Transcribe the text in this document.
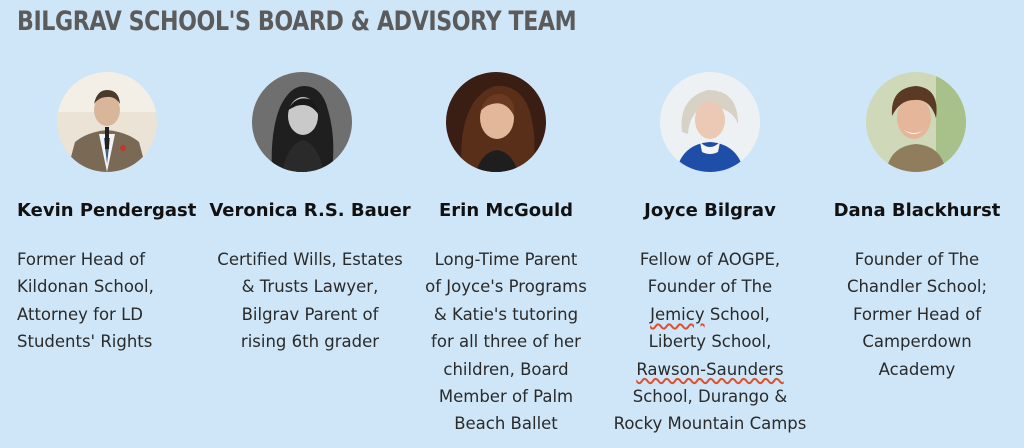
BILGRAV SCHOOL'S BOARD & ADVISORY TEAM
Kevin Pendergast
Former Head of
Kildonan School,
Attorney for LD
Students' Rights
Veronica R.S. Bauer
Certified Wills, Estates
& Trusts Lawyer,
Bilgrav Parent of
rising 6th grader
Erin McGould
Long-Time Parent
of Joyce's Programs
& Katie's tutoring
for all three of her
children, Board
Member of Palm
Beach Ballet
Joyce Bilgrav
Fellow of AOGPE,
Founder of The
Jemicy School,
Liberty School,
Rawson-Saunders
School, Durango &
Rocky Mountain Camps
Dana Blackhurst
Founder of The
Chandler School;
Former Head of
Camperdown
Academy
